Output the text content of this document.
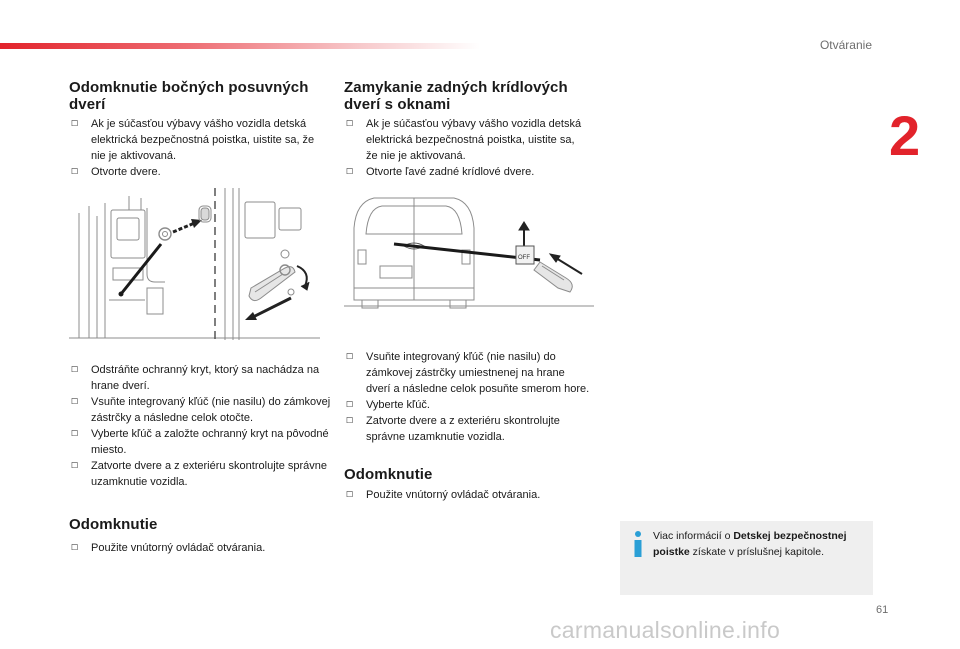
Otváranie
2
Odomknutie bočných posuvných dverí
☐ Ak je súčasťou výbavy vášho vozidla detská elektrická bezpečnostná poistka, uistite sa, že nie je aktivovaná.
☐ Otvorte dvere.
☐ Odstráňte ochranný kryt, ktorý sa nachádza na hrane dverí.
☐ Vsuňte integrovaný kľúč (nie nasilu) do zámkovej zástrčky a následne celok otočte.
☐ Vyberte kľúč a založte ochranný kryt na pôvodné miesto.
☐ Zatvorte dvere a z exteriéru skontrolujte správne uzamknutie vozidla.
Odomknutie
☐ Použite vnútorný ovládač otvárania.
Zamykanie zadných krídlových dverí s oknami
☐ Ak je súčasťou výbavy vášho vozidla detská elektrická bezpečnostná poistka, uistite sa, že nie je aktivovaná.
☐ Otvorte ľavé zadné krídlové dvere.
OFF
☐ Vsuňte integrovaný kľúč (nie nasilu) do zámkovej zástrčky umiestnenej na hrane dverí a následne celok posuňte smerom hore.
☐ Vyberte kľúč.
☐ Zatvorte dvere a z exteriéru skontrolujte správne uzamknutie vozidla.
Odomknutie
☐ Použite vnútorný ovládač otvárania.
Viac informácií o Detskej bezpečnostnej poistke získate v príslušnej kapitole.
61
carmanualsonline.info
